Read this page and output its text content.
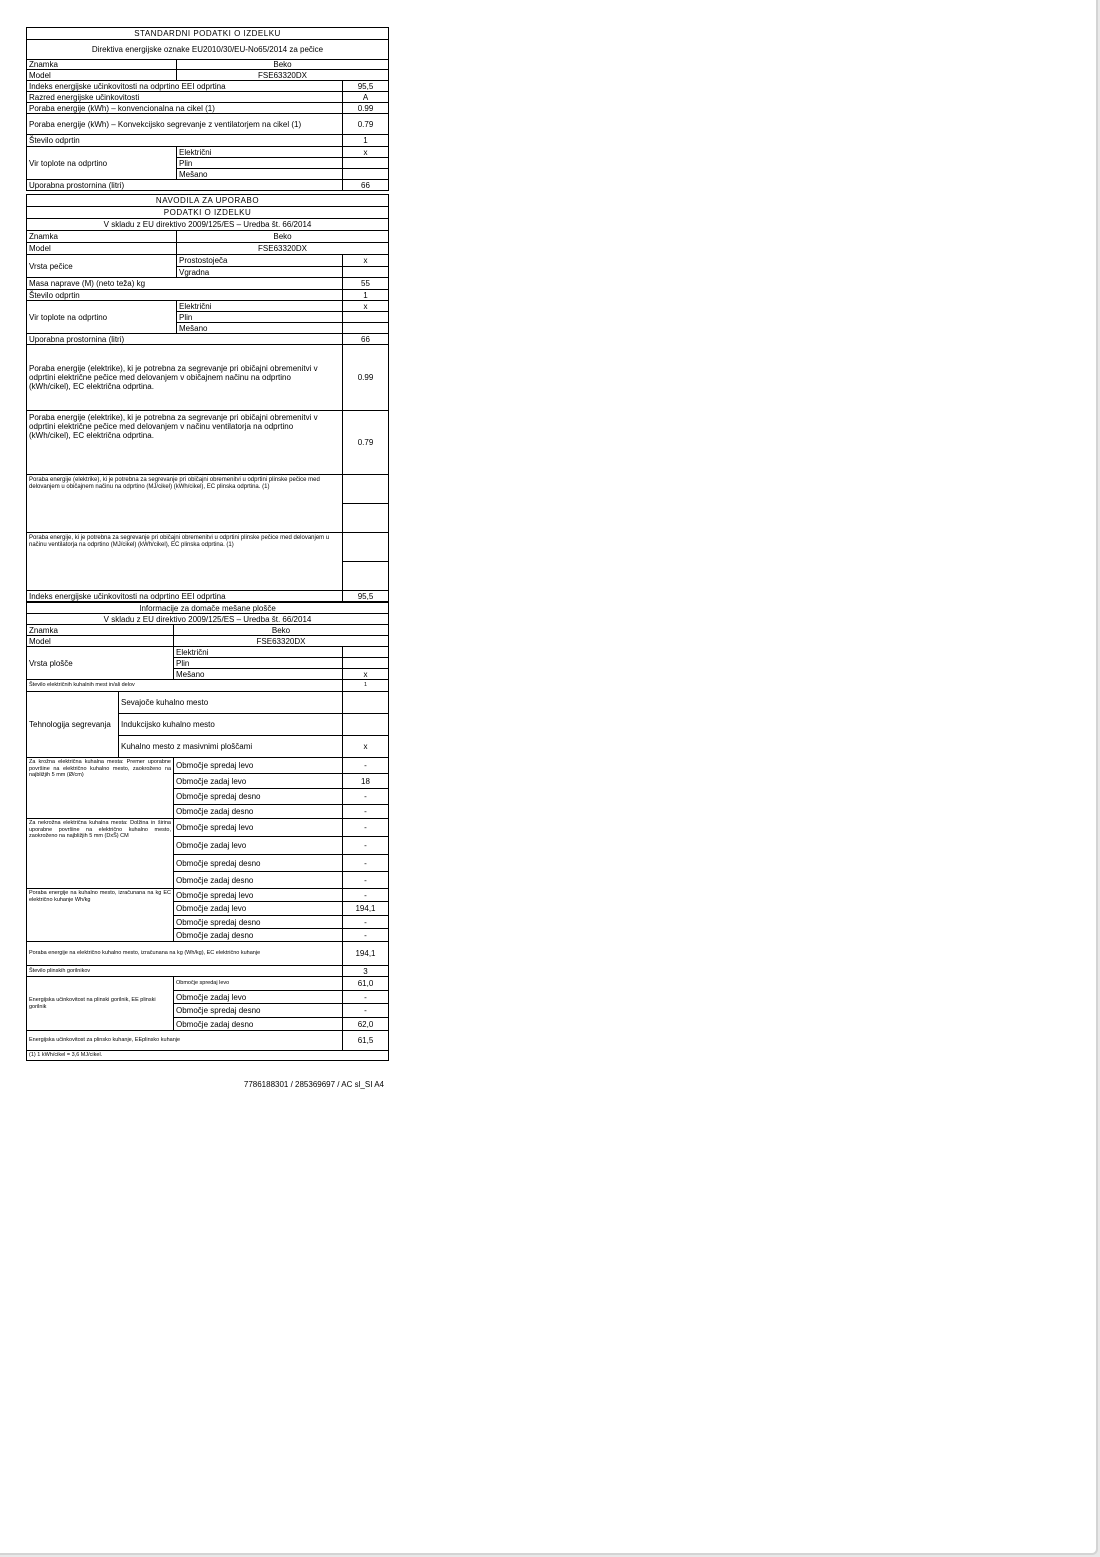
STANDARDNI PODATKI O IZDELKU		
Direktiva energijske oznake EU2010/30/EU-No65/2014 za pečice		
Znamka	Beko	
Model	FSE63320DX	
Indeks energijske učinkovitosti na odprtino EEI odprtina		95,5
Razred energijske učinkovitosti		A
Poraba energije (kWh) – konvencionalna na cikel (1)		0.99
Poraba energije (kWh) – Konvekcijsko segrevanje z ventilatorjem na cikel (1)		0.79
Število odprtin		1
Vir toplote na odprtino	Električni	x
	Plin	
	Mešano	
Uporabna prostornina (litri)		66

NAVODILA ZA UPORABO		
PODATKI O IZDELKU		
V skladu z EU direktivo 2009/125/ES – Uredba št. 66/2014		
Znamka	Beko	
Model	FSE63320DX	
Vrsta pečice	Prostostoječa	x
	Vgradna	
Masa naprave (M) (neto teža) kg		55
Število odprtin		1
Vir toplote na odprtino	Električni	x
	Plin	
	Mešano	
Uporabna prostornina (litri)		66
Poraba energije (elektrike), ki je potrebna za segrevanje pri običajni obremenitvi v odprtini električne pečice med delovanjem v običajnem načinu na odprtino (kWh/cikel), EC električna odprtina.		0.99
Poraba energije (elektrike), ki je potrebna za segrevanje pri običajni obremenitvi v odprtini električne pečice med delovanjem v načinu ventilatorja na odprtino (kWh/cikel), EC električna odprtina.		0.79
Poraba energije (elektrike), ki je potrebna za segrevanje pri običajni obremenitvi u odprtini plinske pečice med delovanjem u običajnem načinu na odprtino (MJ/cikel) (kWh/cikel), EC plinska odprtina. (1)		

Poraba energije, ki je potrebna za segrevanje pri običajni obremenitvi u odprtini plinske pečice med delovanjem u načinu ventilatorja na odprtino (MJ/cikel) (kWh/cikel), EC plinska odprtina. (1)		

Indeks energijske učinkovitosti na odprtino EEI odprtina		95,5
Informacije za domače mešane plošče			
V skladu z EU direktivo 2009/125/ES – Uredba št. 66/2014			
Znamka		Beko	
Model		FSE63320DX	
Vrsta plošče		Električni	
		Plin	
		Mešano	x
Število električnih kuhalnih mest in/ali delov			1
Tehnologija segrevanja	Sevajoče kuhalno mesto		
	Indukcijsko kuhalno mesto		
	Kuhalno mesto z masivnimi ploščami		x
Za krožna električna kuhalna mesta: Premer uporabne površine na električno kuhalno mesto, zaokroženo na najbližjih 5 mm (Ø/cm)		Območje spredaj levo	-
		Območje zadaj levo	18
		Območje spredaj desno	-
		Območje zadaj desno	-
Za nekrožna električna kuhalna mesta: Dolžina in širina uporabne površine na električno kuhalno mesto, zaokroženo na najbližjih 5 mm (DxŠ) CM		Območje spredaj levo	-
		Območje zadaj levo	-
		Območje spredaj desno	-
		Območje zadaj desno	-
Poraba energije na kuhalno mesto, izračunana na kg EC električno kuhanje Wh/kg		Območje spredaj levo	-
		Območje zadaj levo	194,1
		Območje spredaj desno	-
		Območje zadaj desno	-
Poraba energije na električno kuhalno mesto, izračunana na kg (Wh/kg), EC električno kuhanje			194,1
Število plinskih gorilnikov			3
Energijska učinkovitost na plinski gorilnik, EE plinski gorilnik		Območje spredaj levo	61,0
		Območje zadaj levo	-
		Območje spredaj desno	-
		Območje zadaj desno	62,0
Energijska učinkovitost za plinsko kuhanje, EEplinsko kuhanje			61,5
(1) 1 kWh/cikel = 3,6 MJ/cikel.			
7786188301 / 285369697 / AC sl_SI A4
